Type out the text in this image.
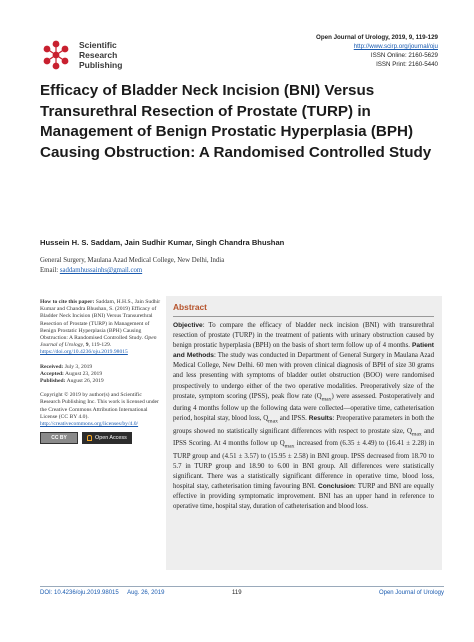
Scientific
Research
Publishing
Open Journal of Urology, 2019, 9, 119-129
http://www.scirp.org/journal/oju
ISSN Online: 2160-5629
ISSN Print: 2160-5440
Efficacy of Bladder Neck Incision (BNI) Versus Transurethral Resection of Prostate (TURP) in Management of Benign Prostatic Hyperplasia (BPH) Causing Obstruction: A Randomised Controlled Study
Hussein H. S. Saddam, Jain Sudhir Kumar, Singh Chandra Bhushan
General Surgery, Maulana Azad Medical College, New Delhi, India
Email: saddamhussainhs@gmail.com
How to cite this paper: Saddam, H.H.S., Jain Sudhir Kumar and Chandra Bhushan, S. (2019) Efficacy of Bladder Neck Incision (BNI) Versus Transurethral Resection of Prostate (TURP) in Management of Benign Prostatic Hyperplasia (BPH) Causing Obstruction: A Randomised Controlled Study. Open Journal of Urology, 9, 119-129. https://doi.org/10.4236/oju.2019.98015
Received: July 3, 2019
Accepted: August 23, 2019
Published: August 26, 2019
Copyright © 2019 by author(s) and Scientific Research Publishing Inc. This work is licensed under the Creative Commons Attribution International License (CC BY 4.0).
http://creativecommons.org/licenses/by/4.0/
CC BY	Open Access
Abstract

Objective: To compare the efficacy of bladder neck incision (BNI) with transurethral resection of prostate (TURP) in the treatment of patients with urinary obstruction caused by benign prostatic hyperplasia (BPH) on the basis of short term follow up of 4 months. Patient and Methods: The study was conducted in Department of General Surgery in Maulana Azad Medical College, New Delhi. 60 men with proven clinical diagnosis of BPH of size 30 grams and less presenting with symptoms of bladder outlet obstruction (BOO) were randomised prospectively to undergo either of the two operative modalities. Preoperatively size of the prostate, symptom scoring (IPSS), peak flow rate $(Q_{max})$ were assessed. Postoperatively and during 4 months follow up the following data were collected—operative time, catheterisation period, hospital stay, blood loss, $Q_{max}$ and IPSS. Results: Preoperative parameters in both the groups showed no statistically significant differences with respect to prostate size, $Q_{max}$ and IPSS Scoring. At 4 months follow up $Q_{max}$ increased from (6.35 ± 4.49) to (16.41 ± 2.28) in TURP group and (4.51 ± 3.57) to (15.95 ± 2.58) in BNI group. IPSS decreased from 18.70 to 5.7 in TURP group and 18.90 to 6.00 in BNI group. All differences were statistically significant. There was a statistically significant difference in operative time, blood loss, hospital stay, catheterisation timing favouring BNI. Conclusion: TURP and BNI are equally effective in providing symptomatic improvement. BNI has an upper hand in reference to operative time, hospital stay, duration of catheterisation and blood loss.

DOI: 10.4236/oju.2019.98015 Aug. 26, 2019	119	Open Journal of Urology
